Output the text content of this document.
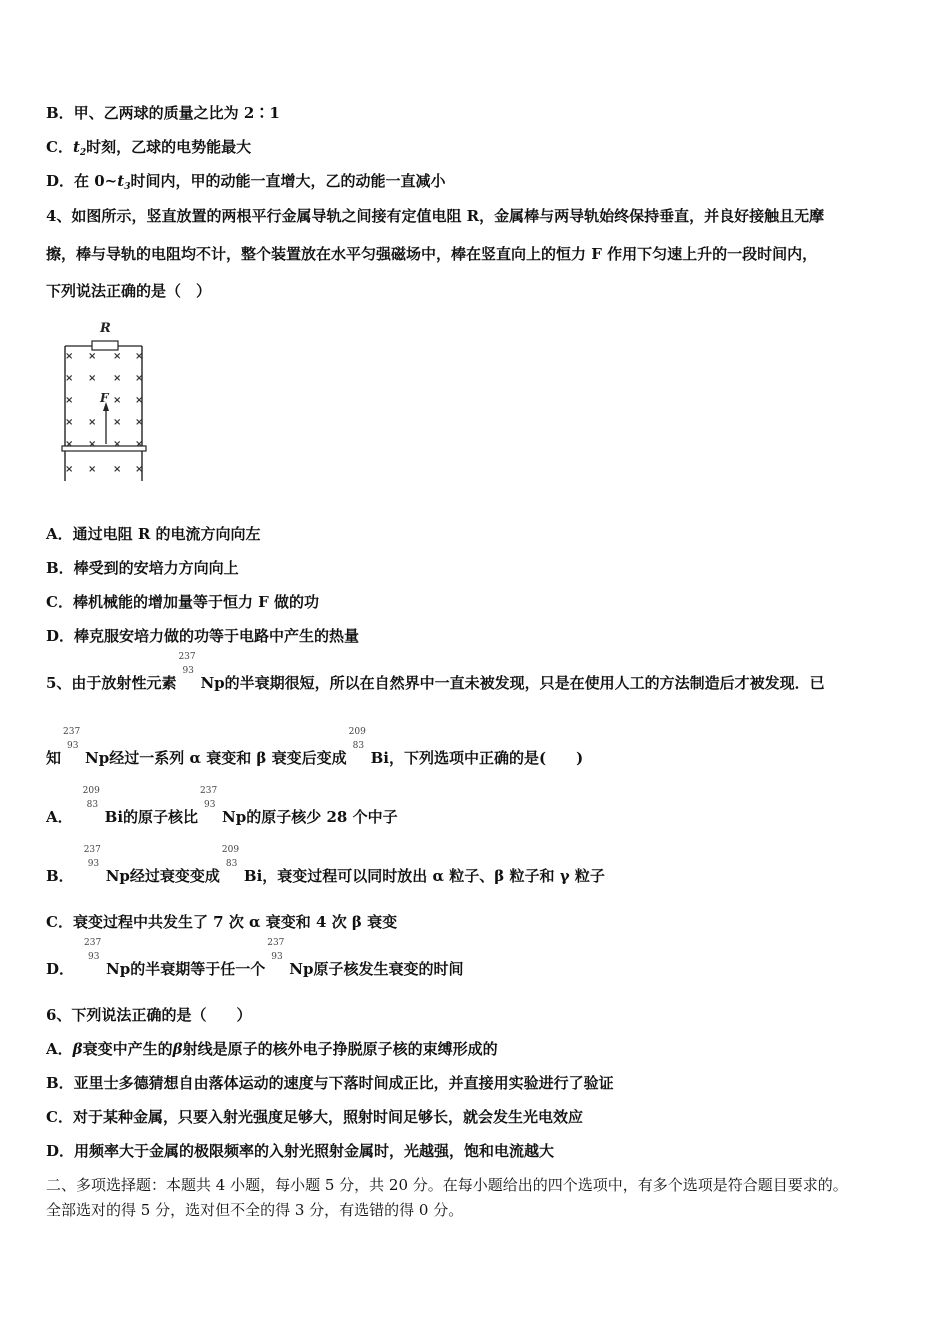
B．甲、乙两球的质量之比为 2∶1
C．$t_2$时刻，乙球的电势能最大
D．在 $0\sim t_3$时间内，甲的动能一直增大，乙的动能一直减小
4、如图所示，竖直放置的两根平行金属导轨之间接有定值电阻 R，金属棒与两导轨始终保持垂直，并良好接触且无摩
擦，棒与导轨的电阻均不计，整个装置放在水平匀强磁场中，棒在竖直向上的恒力 F 作用下匀速上升的一段时间内，
下列说法正确的是（　）
R
F
× × × ×
× × × ×
×	× ×
× × × ×
× × × ×
× × × ×
A．通过电阻 R 的电流方向向左
B．棒受到的安培力方向向上
C．棒机械能的增加量等于恒力 F 做的功
D．棒克服安培力做的功等于电路中产生的热量
5、由于放射性元素
237
93
Np的半衰期很短，所以在自然界中一直未被发现，只是在使用人工的方法制造后才被发现．已
知
237
93
Np经过一系列 α 衰变和 β 衰变后变成
209
83
Bi，下列选项中正确的是(　　)
A．
209
83
Bi的原子核比
237
93
Np的原子核少 28 个中子
B．
237
93
Np经过衰变变成
209
83
Bi，衰变过程可以同时放出 α 粒子、β 粒子和 γ 粒子
C．衰变过程中共发生了 7 次 α 衰变和 4 次 β 衰变
D．
237
93
Np的半衰期等于任一个
237
93
Np原子核发生衰变的时间
6、下列说法正确的是（　　）
A．β衰变中产生的β射线是原子的核外电子挣脱原子核的束缚形成的
B．亚里士多德猜想自由落体运动的速度与下落时间成正比，并直接用实验进行了验证
C．对于某种金属，只要入射光强度足够大，照射时间足够长，就会发生光电效应
D．用频率大于金属的极限频率的入射光照射金属时，光越强，饱和电流越大
二、多项选择题：本题共 4 小题，每小题 5 分，共 20 分。在每小题给出的四个选项中，有多个选项是符合题目要求的。
全部选对的得 5 分，选对但不全的得 3 分，有选错的得 0 分。
